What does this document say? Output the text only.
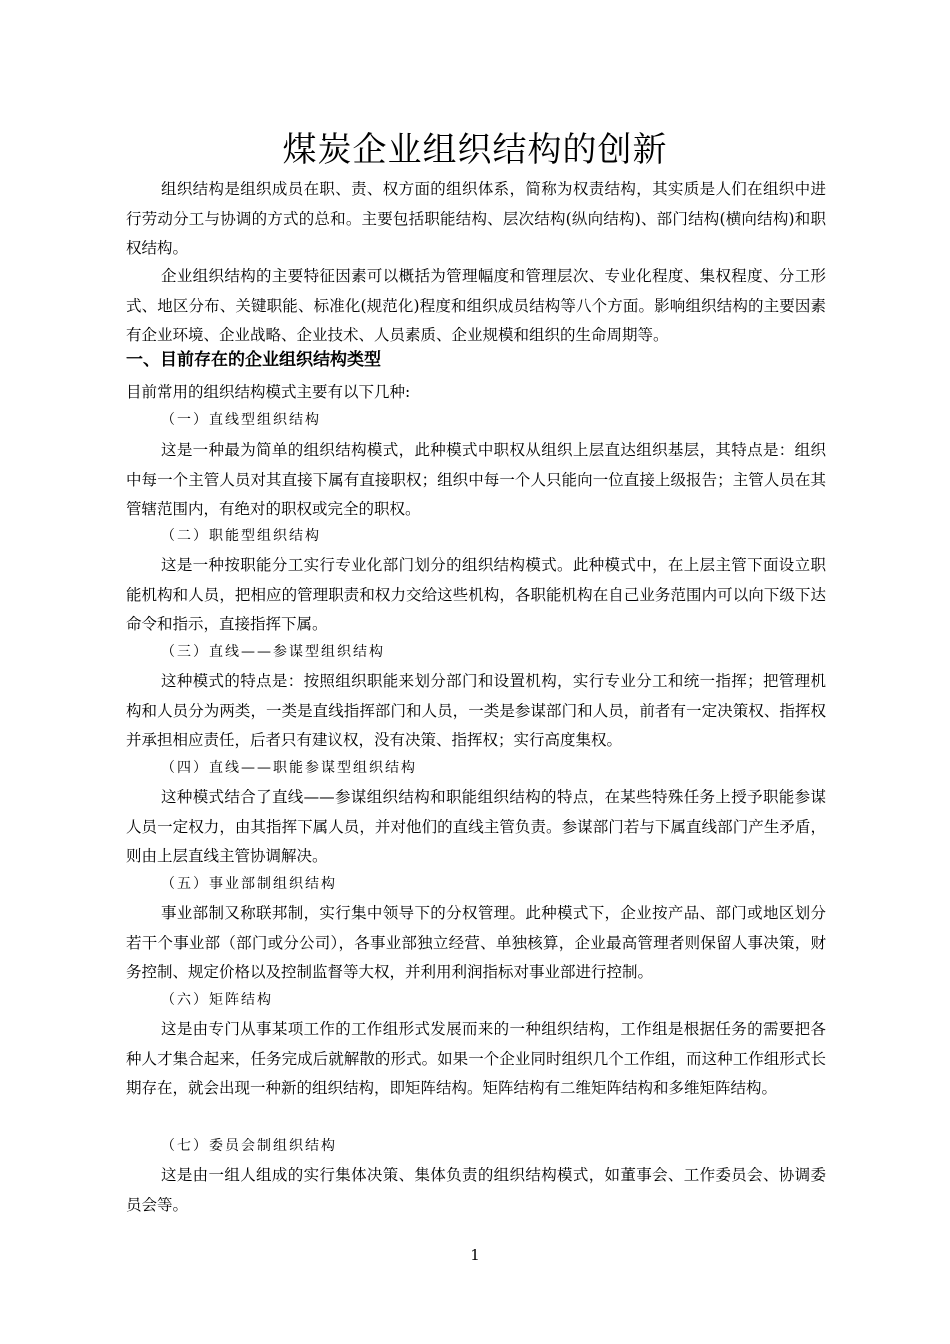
煤炭企业组织结构的创新
组织结构是组织成员在职、责、权方面的组织体系，简称为权责结构，其实质是人们在组织中进行劳动分工与协调的方式的总和。主要包括职能结构、层次结构(纵向结构)、部门结构(横向结构)和职权结构。
企业组织结构的主要特征因素可以概括为管理幅度和管理层次、专业化程度、集权程度、分工形式、地区分布、关键职能、标准化(规范化)程度和组织成员结构等八个方面。影响组织结构的主要因素有企业环境、企业战略、企业技术、人员素质、企业规模和组织的生命周期等。
一、目前存在的企业组织结构类型
目前常用的组织结构模式主要有以下几种:
（一）直线型组织结构
这是一种最为简单的组织结构模式，此种模式中职权从组织上层直达组织基层，其特点是：组织中每一个主管人员对其直接下属有直接职权；组织中每一个人只能向一位直接上级报告；主管人员在其管辖范围内，有绝对的职权或完全的职权。
（二）职能型组织结构
这是一种按职能分工实行专业化部门划分的组织结构模式。此种模式中，在上层主管下面设立职能机构和人员，把相应的管理职责和权力交给这些机构，各职能机构在自己业务范围内可以向下级下达命令和指示，直接指挥下属。
（三）直线——参谋型组织结构
这种模式的特点是：按照组织职能来划分部门和设置机构，实行专业分工和统一指挥；把管理机构和人员分为两类，一类是直线指挥部门和人员，一类是参谋部门和人员，前者有一定决策权、指挥权并承担相应责任，后者只有建议权，没有决策、指挥权；实行高度集权。
（四）直线——职能参谋型组织结构
这种模式结合了直线——参谋组织结构和职能组织结构的特点，在某些特殊任务上授予职能参谋人员一定权力，由其指挥下属人员，并对他们的直线主管负责。参谋部门若与下属直线部门产生矛盾，则由上层直线主管协调解决。
（五）事业部制组织结构
事业部制又称联邦制，实行集中领导下的分权管理。此种模式下，企业按产品、部门或地区划分若干个事业部（部门或分公司），各事业部独立经营、单独核算，企业最高管理者则保留人事决策，财务控制、规定价格以及控制监督等大权，并利用利润指标对事业部进行控制。
（六）矩阵结构
这是由专门从事某项工作的工作组形式发展而来的一种组织结构，工作组是根据任务的需要把各种人才集合起来，任务完成后就解散的形式。如果一个企业同时组织几个工作组，而这种工作组形式长期存在，就会出现一种新的组织结构，即矩阵结构。矩阵结构有二维矩阵结构和多维矩阵结构。
（七）委员会制组织结构
这是由一组人组成的实行集体决策、集体负责的组织结构模式，如董事会、工作委员会、协调委员会等。
1
